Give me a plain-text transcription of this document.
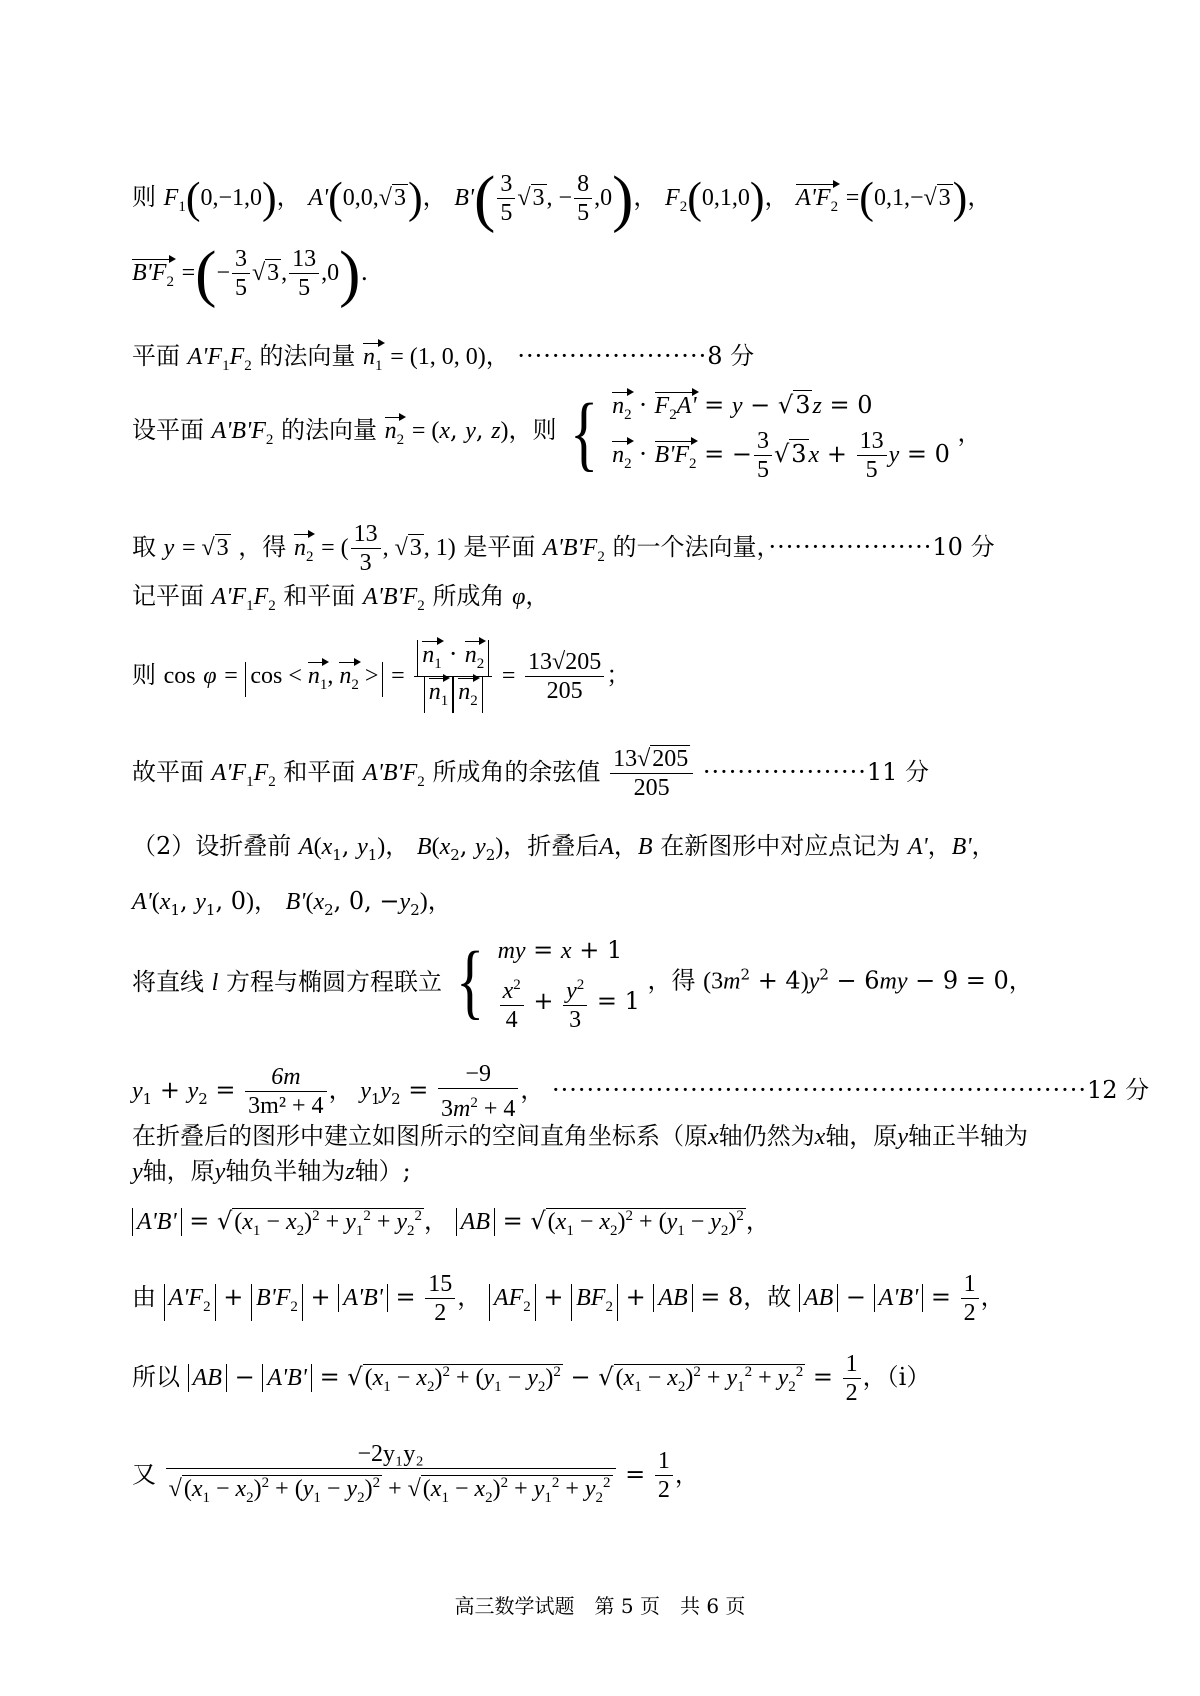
则 $F_1(0,-1,0)$， A'(0,0,√3)， $B'( \frac{3}{5} √3$, − $\frac{8}{5} ,0$)， $F_2(0,1,0)$， $A'F_2 =(0,1,-√3)$，
$B'F_2$ =(− $\frac{3}{5} √3$, $\frac{13}{5} ,0$).
平面 $A'F_1F_2$ 的法向量 $n_1 = (1$, 0, 0)， ······················8 分
设平面 $A'B'F_2$ 的法向量 $n_2 = (x$, y, z)，则 { $n_2 \cdot F_2A' = y - √3z = 0$
$n_2 \cdot B'F_2$ = − $\frac{3}{5} √3x + \frac{13}{5}$ y = 0
，
取 y = √3 ，得 $n_2$ = ( $\frac{13}{3}$ , √3, 1) 是平面 $A'B'F_2$ 的一个法向量，···················10 分
记平面 $A'F_1F_2$ 和平面 $A'B'F_2$ 所成角 φ，
则 $\cos \varphi = \cos < n_1$, $n_2$ > = $\frac{n_1 \cdot n_2}{n_1 n_2} = \frac{13√205}{205}$ ；
故平面 $A'F_1F_2$ 和平面 $A'B'F_2$ 所成角的余弦值 $\frac{13√205}{205} \cdot\cdot\cdot\cdot\cdot\cdot\cdot\cdot\cdot\cdot\cdot\cdot\cdot\cdot\cdot\cdot\cdot\cdot\cdot 11$ 分
（2）设折叠前 $A(x_1$, $y_1$)， $B(x_2$, $y_2$)，折叠后A，B 在新图形中对应点记为 A'，B'，
$A'(x_1$, $y_1$, 0)， $B'(x_2$, 0, $-y_2$)，
将直线 l 方程与椭圆方程联立 { my = x + 1
$\frac{x^2}{4} + \frac{y^2}{3} = 1$
，得 $(3m^2 + 4)y^2 - 6my - 9 = 0$，
$y_1 + y_2 = \frac{6m}{\text{3m² + 4}}$ ， $y_1y_2 = \frac{-9}{3m^2 + 4}$ ， ······························································12 分
在折叠后的图形中建立如图所示的空间直角坐标系（原x轴仍然为x轴，原y轴正半轴为
y轴，原y轴负半轴为z轴）;
$A'B' = √(x_1 - x_2)^2 + y_1^2 + y_2^2$， AB = $√(x_1 - x_2)^2 + (y_1 - y_2)^2$，
由 $A'F_2 + B'F_2 + A'B' = \frac{15}{2}$ ， $AF_2 + BF_2$ + AB = 8，故 AB − $A'B' = \frac{1}{2}$ ，
所以 AB − $A'B' = √(x_1 - x_2)^2 + (y_1 - y_2)^2 - √(x_1 - x_2)^2 + y_1^2 + y_2^2 = \frac{1}{2}$ ，（ⅰ）
又 $\frac{\text{−2y₁y₂}}{√(x_1 - x_2)^2 + (y_1 - y_2)^2 + √(x_1 - x_2)^2 + y_1^2 + y_2^2} = \frac{1}{2}$ ，
高三数学试题　第 5 页　共 6 页
